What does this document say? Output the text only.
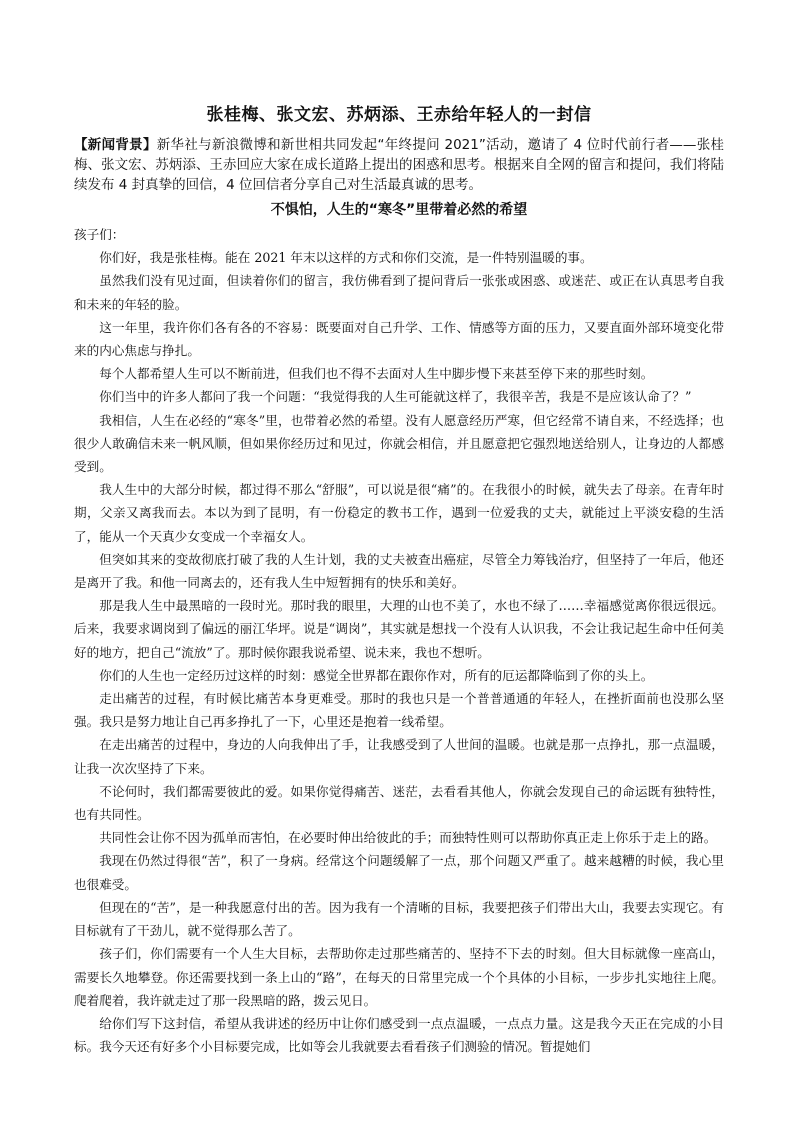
张桂梅、张文宏、苏炳添、王赤给年轻人的一封信

【新闻背景】新华社与新浪微博和新世相共同发起“年终提问 2021”活动，邀请了 4 位时代前行者——张桂梅、张文宏、苏炳添、王赤回应大家在成长道路上提出的困惑和思考。根据来自全网的留言和提问，我们将陆续发布 4 封真挚的回信，4 位回信者分享自己对生活最真诚的思考。

不惧怕，人生的“寒冬”里带着必然的希望

孩子们：

你们好，我是张桂梅。能在 2021 年末以这样的方式和你们交流，是一件特别温暖的事。

虽然我们没有见过面，但读着你们的留言，我仿佛看到了提问背后一张张或困惑、或迷茫、或正在认真思考自我和未来的年轻的脸。

这一年里，我许你们各有各的不容易：既要面对自己升学、工作、情感等方面的压力，又要直面外部环境变化带来的内心焦虑与挣扎。

每个人都希望人生可以不断前进，但我们也不得不去面对人生中脚步慢下来甚至停下来的那些时刻。

你们当中的许多人都问了我一个问题：“我觉得我的人生可能就这样了，我很辛苦，我是不是应该认命了？”

我相信，人生在必经的“寒冬”里，也带着必然的希望。没有人愿意经历严寒，但它经常不请自来，不经选择；也很少人敢确信未来一帆风顺，但如果你经历过和见过，你就会相信，并且愿意把它强烈地送给别人，让身边的人都感受到。

我人生中的大部分时候，都过得不那么“舒服”，可以说是很“痛”的。在我很小的时候，就失去了母亲。在青年时期，父亲又离我而去。本以为到了昆明，有一份稳定的教书工作，遇到一位爱我的丈夫，就能过上平淡安稳的生活了，能从一个天真少女变成一个幸福女人。

但突如其来的变故彻底打破了我的人生计划，我的丈夫被查出癌症，尽管全力筹钱治疗，但坚持了一年后，他还是离开了我。和他一同离去的，还有我人生中短暂拥有的快乐和美好。

那是我人生中最黑暗的一段时光。那时我的眼里，大理的山也不美了，水也不绿了……幸福感觉离你很远很远。后来，我要求调岗到了偏远的丽江华坪。说是“调岗”，其实就是想找一个没有人认识我，不会让我记起生命中任何美好的地方，把自己“流放”了。那时候你跟我说希望、说未来，我也不想听。

你们的人生也一定经历过这样的时刻：感觉全世界都在跟你作对，所有的厄运都降临到了你的头上。

走出痛苦的过程，有时候比痛苦本身更难受。那时的我也只是一个普普通通的年轻人，在挫折面前也没那么坚强。我只是努力地让自己再多挣扎了一下，心里还是抱着一线希望。

在走出痛苦的过程中，身边的人向我伸出了手，让我感受到了人世间的温暖。也就是那一点挣扎，那一点温暖，让我一次次坚持了下来。

不论何时，我们都需要彼此的爱。如果你觉得痛苦、迷茫，去看看其他人，你就会发现自己的命运既有独特性，也有共同性。

共同性会让你不因为孤单而害怕，在必要时伸出给彼此的手；而独特性则可以帮助你真正走上你乐于走上的路。

我现在仍然过得很“苦”，积了一身病。经常这个问题缓解了一点，那个问题又严重了。越来越糟的时候，我心里也很难受。

但现在的“苦”，是一种我愿意付出的苦。因为我有一个清晰的目标，我要把孩子们带出大山，我要去实现它。有目标就有了干劲儿，就不觉得那么苦了。

孩子们，你们需要有一个人生大目标，去帮助你走过那些痛苦的、坚持不下去的时刻。但大目标就像一座高山，需要长久地攀登。你还需要找到一条上山的“路”，在每天的日常里完成一个个具体的小目标，一步步扎实地往上爬。爬着爬着，我许就走过了那一段黑暗的路，拨云见日。

给你们写下这封信，希望从我讲述的经历中让你们感受到一点点温暖，一点点力量。这是我今天正在完成的小目标。我今天还有好多个小目标要完成，比如等会儿我就要去看看孩子们测验的情况。暂提她们
